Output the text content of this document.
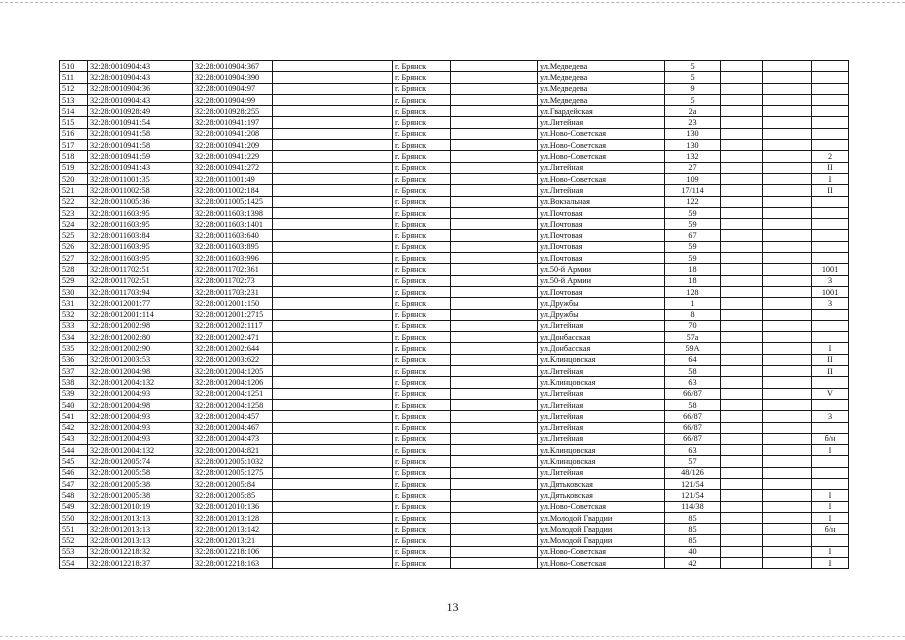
510	32:28:0010904:43	32:28:0010904:367		г. Брянск		ул.Медведева	5			
511	32:28:0010904:43	32:28:0010904:390		г. Брянск		ул.Медведева	5			
512	32:28:0010904:36	32:28:0010904:97		г. Брянск		ул.Медведева	9			
513	32:28:0010904:43	32:28:0010904:99		г. Брянск		ул.Медведева	5			
514	32:28:0010928:49	32:28:0010928:255		г. Брянск		ул.Гвардейская	2а			
515	32:28:0010941:54	32:28:0010941:197		г. Брянск		ул.Литейная	23			
516	32:28:0010941:58	32:28:0010941:208		г. Брянск		ул.Ново-Советская	130			
517	32:28:0010941:58	32:28:0010941:209		г. Брянск		ул.Ново-Советская	130			
518	32:28:0010941:59	32:28:0010941:229		г. Брянск		ул.Ново-Советская	132			2
519	32:28:0010941:43	32:28:0010941:272		г. Брянск		ул.Литейная	27			II
520	32:28:0011001:35	32:28:0011001:49		г. Брянск		ул.Ново-Советская	109			I
521	32:28:0011002:58	32:28:0011002:184		г. Брянск		ул.Литейная	17/114			II
522	32:28:0011005:36	32:28:0011005:1425		г. Брянск		ул.Вокзальная	122			
523	32:28:0011603:95	32:28:0011603:1398		г. Брянск		ул.Почтовая	59			
524	32:28:0011603:95	32:28:0011603:1401		г. Брянск		ул.Почтовая	59			
525	32:28:0011603:84	32:28:0011603:640		г. Брянск		ул.Почтовая	67			
526	32:28:0011603:95	32:28:0011603:895		г. Брянск		ул.Почтовая	59			
527	32:28:0011603:95	32:28:0011603:996		г. Брянск		ул.Почтовая	59			
528	32:28:0011702:51	32:28:0011702:361		г. Брянск		ул.50-й Армии	18			1001
529	32:28:0011702:51	32:28:0011702:73		г. Брянск		ул.50-й Армии	18			3
530	32:28:0011703:94	32:28:0011703:231		г. Брянск		ул.Почтовая	128			1001
531	32:28:0012001:77	32:28:0012001:150		г. Брянск		ул.Дружбы	1			3
532	32:28:0012001:114	32:28:0012001:2715		г. Брянск		ул.Дружбы	8			
533	32:28:0012002:98	32:28:0012002:1117		г. Брянск		ул.Литейная	70			
534	32:28:0012002:80	32:28:0012002:471		г. Брянск		ул.Донбасская	57а			
535	32:28:0012002:90	32:28:0012002:644		г. Брянск		ул.Донбасская	59А			I
536	32:28:0012003:53	32:28:0012003:622		г. Брянск		ул.Клинцовская	64			II
537	32:28:0012004:98	32:28:0012004:1205		г. Брянск		ул.Литейная	58			II
538	32:28:0012004:132	32:28:0012004:1206		г. Брянск		ул.Клинцовская	63			
539	32:28:0012004:93	32:28:0012004:1251		г. Брянск		ул.Литейная	66/87			V
540	32:28:0012004:98	32:28:0012004:1258		г. Брянск		ул.Литейная	58			
541	32:28:0012004:93	32:28:0012004:457		г. Брянск		ул.Литейная	66/87			3
542	32:28:0012004:93	32:28:0012004:467		г. Брянск		ул.Литейная	66/87			
543	32:28:0012004:93	32:28:0012004:473		г. Брянск		ул.Литейная	66/87			б/н
544	32:28:0012004:132	32:28:0012004:821		г. Брянск		ул.Клинцовская	63			I
545	32:28:0012005:74	32:28:0012005:1032		г. Брянск		ул.Клинцовская	57			
546	32:28:0012005:58	32:28:0012005:1275		г. Брянск		ул.Литейная	48/126			
547	32:28:0012005:38	32:28:0012005:84		г. Брянск		ул.Дятьковская	121/54			
548	32:28:0012005:38	32:28:0012005:85		г. Брянск		ул.Дятьковская	121/54			I
549	32:28:0012010:19	32:28:0012010:136		г. Брянск		ул.Ново-Советская	114/38			I
550	32:28:0012013:13	32:28:0012013:128		г. Брянск		ул.Молодой Гвардии	85			I
551	32:28:0012013:13	32:28:0012013:142		г. Брянск		ул.Молодой Гвардии	85			б/н
552	32:28:0012013:13	32:28:0012013:21		г. Брянск		ул.Молодой Гвардии	85			
553	32:28:0012218:32	32:28:0012218:106		г. Брянск		ул.Ново-Советская	40			I
554	32:28:0012218:37	32:28:0012218:163		г. Брянск		ул.Ново-Советская	42			I
13
